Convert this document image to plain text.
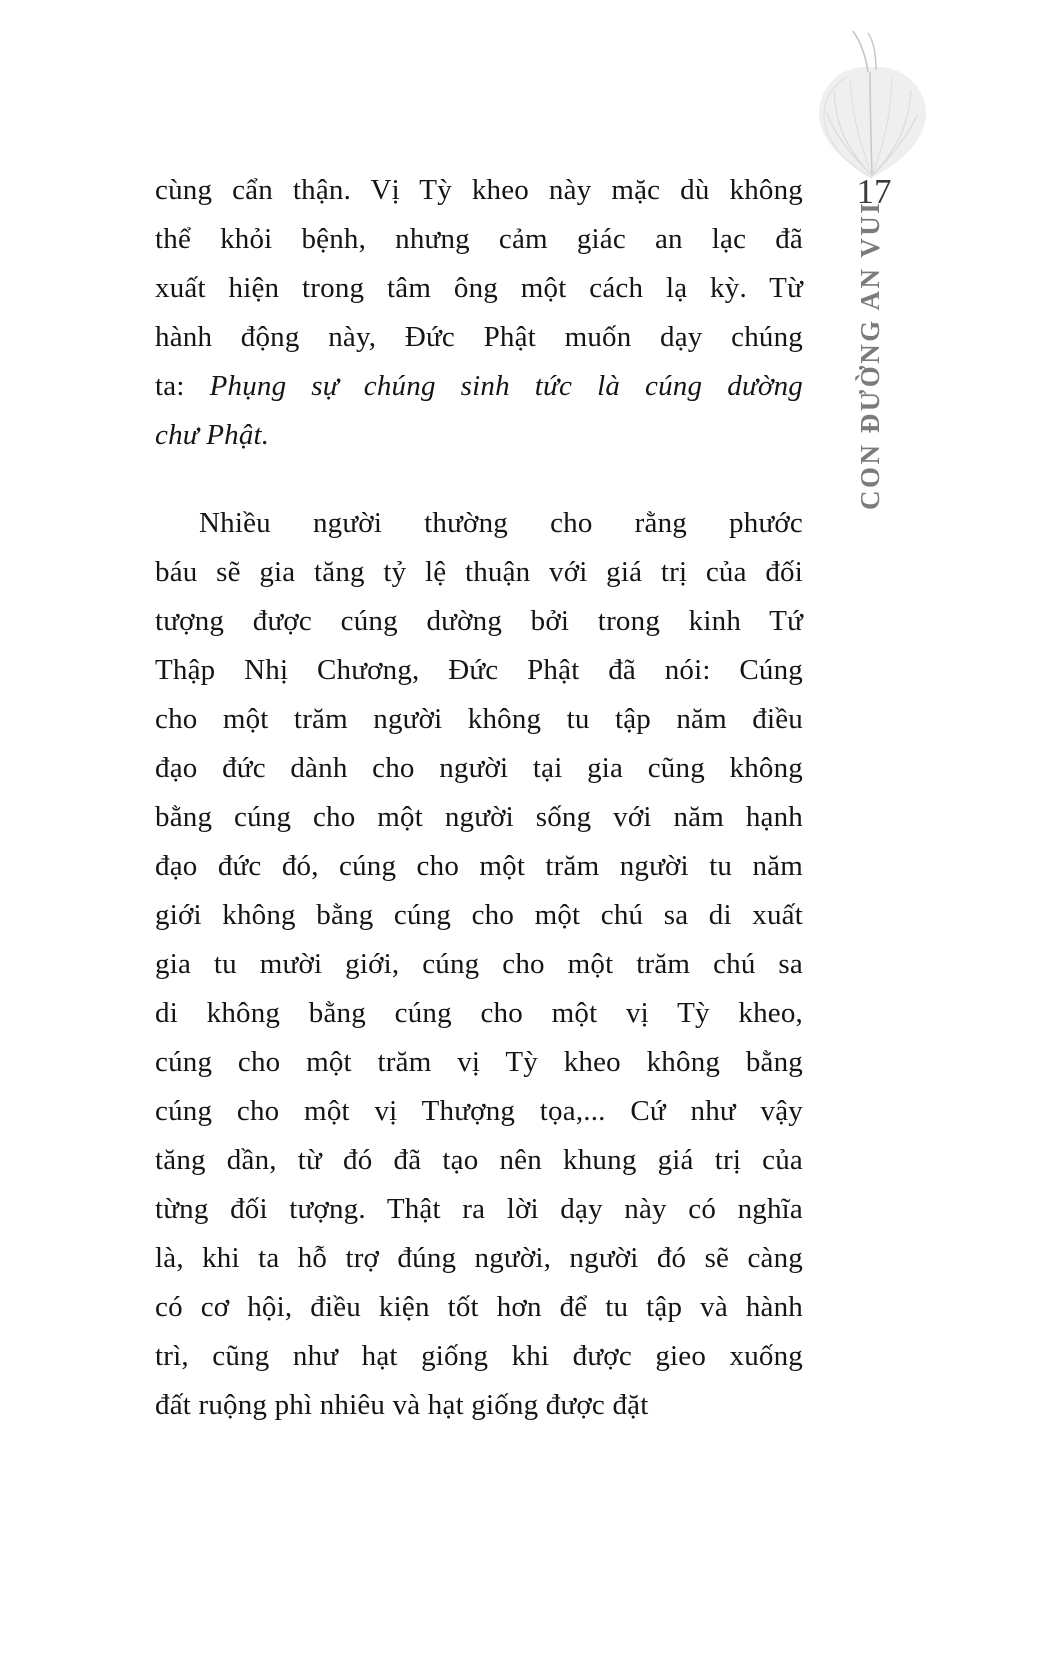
17
CON ĐƯỜNG AN VUI
cùng cẩn thận. Vị Tỳ kheo này mặc dù không
thể khỏi bệnh, nhưng cảm giác an lạc đã
xuất hiện trong tâm ông một cách lạ kỳ. Từ
hành động này, Đức Phật muốn dạy chúng
ta: Phụng sự chúng sinh tức là cúng dường
chư Phật.
Nhiều người thường cho rằng phước
báu sẽ gia tăng tỷ lệ thuận với giá trị của đối
tượng được cúng dường bởi trong kinh Tứ
Thập Nhị Chương, Đức Phật đã nói: Cúng
cho một trăm người không tu tập năm điều
đạo đức dành cho người tại gia cũng không
bằng cúng cho một người sống với năm hạnh
đạo đức đó, cúng cho một trăm người tu năm
giới không bằng cúng cho một chú sa di xuất
gia tu mười giới, cúng cho một trăm chú sa
di không bằng cúng cho một vị Tỳ kheo,
cúng cho một trăm vị Tỳ kheo không bằng
cúng cho một vị Thượng tọa,... Cứ như vậy
tăng dần, từ đó đã tạo nên khung giá trị của
từng đối tượng. Thật ra lời dạy này có nghĩa
là, khi ta hỗ trợ đúng người, người đó sẽ càng
có cơ hội, điều kiện tốt hơn để tu tập và hành
trì, cũng như hạt giống khi được gieo xuống
đất ruộng phì nhiêu và hạt giống được đặt
